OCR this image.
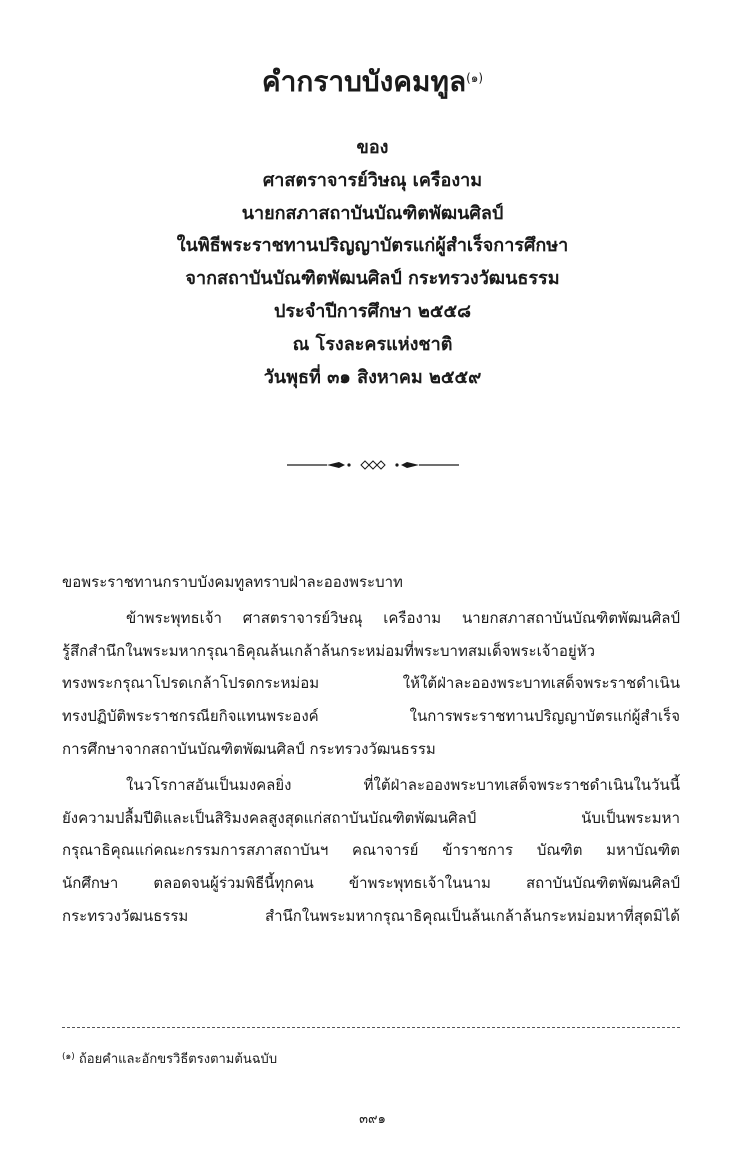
คำกราบบังคมทูล$^{(๑)}$
ของ
ศาสตราจารย์วิษณุ เครืองาม
นายกสภาสถาบันบัณฑิตพัฒนศิลป์
ในพิธีพระราชทานปริญญาบัตรแก่ผู้สำเร็จการศึกษา
จากสถาบันบัณฑิตพัฒนศิลป์ กระทรวงวัฒนธรรม
ประจำปีการศึกษา ๒๕๕๘
ณ โรงละครแห่งชาติ
วันพุธที่ ๓๑ สิงหาคม ๒๕๕๙
ขอพระราชทานกราบบังคมทูลทราบฝ่าละอองพระบาท
ข้าพระพุทธเจ้า ศาสตราจารย์วิษณุ เครืองาม นายกสภาสถาบันบัณฑิตพัฒนศิลป์
รู้สึกสำนึกในพระมหากรุณาธิคุณล้นเกล้าล้นกระหม่อมที่พระบาทสมเด็จพระเจ้าอยู่หัว
ทรงพระกรุณาโปรดเกล้าโปรดกระหม่อม ให้ใต้ฝ่าละอองพระบาทเสด็จพระราชดำเนิน
ทรงปฏิบัติพระราชกรณียกิจแทนพระองค์ ในการพระราชทานปริญญาบัตรแก่ผู้สำเร็จ
การศึกษาจากสถาบันบัณฑิตพัฒนศิลป์ กระทรวงวัฒนธรรม
ในวโรกาสอันเป็นมงคลยิ่ง ที่ใต้ฝ่าละอองพระบาทเสด็จพระราชดำเนินในวันนี้
ยังความปลื้มปีติและเป็นสิริมงคลสูงสุดแก่สถาบันบัณฑิตพัฒนศิลป์ นับเป็นพระมหา
กรุณาธิคุณแก่คณะกรรมการสภาสถาบันฯ คณาจารย์ ข้าราชการ บัณฑิต มหาบัณฑิต
นักศึกษา ตลอดจนผู้ร่วมพิธีนี้ทุกคน ข้าพระพุทธเจ้าในนาม สถาบันบัณฑิตพัฒนศิลป์
กระทรวงวัฒนธรรม สำนึกในพระมหากรุณาธิคุณเป็นล้นเกล้าล้นกระหม่อมหาที่สุดมิได้
$^{(๑)}$ ถ้อยคำและอักขรวิธีตรงตามต้นฉบับ
๓๙๑
